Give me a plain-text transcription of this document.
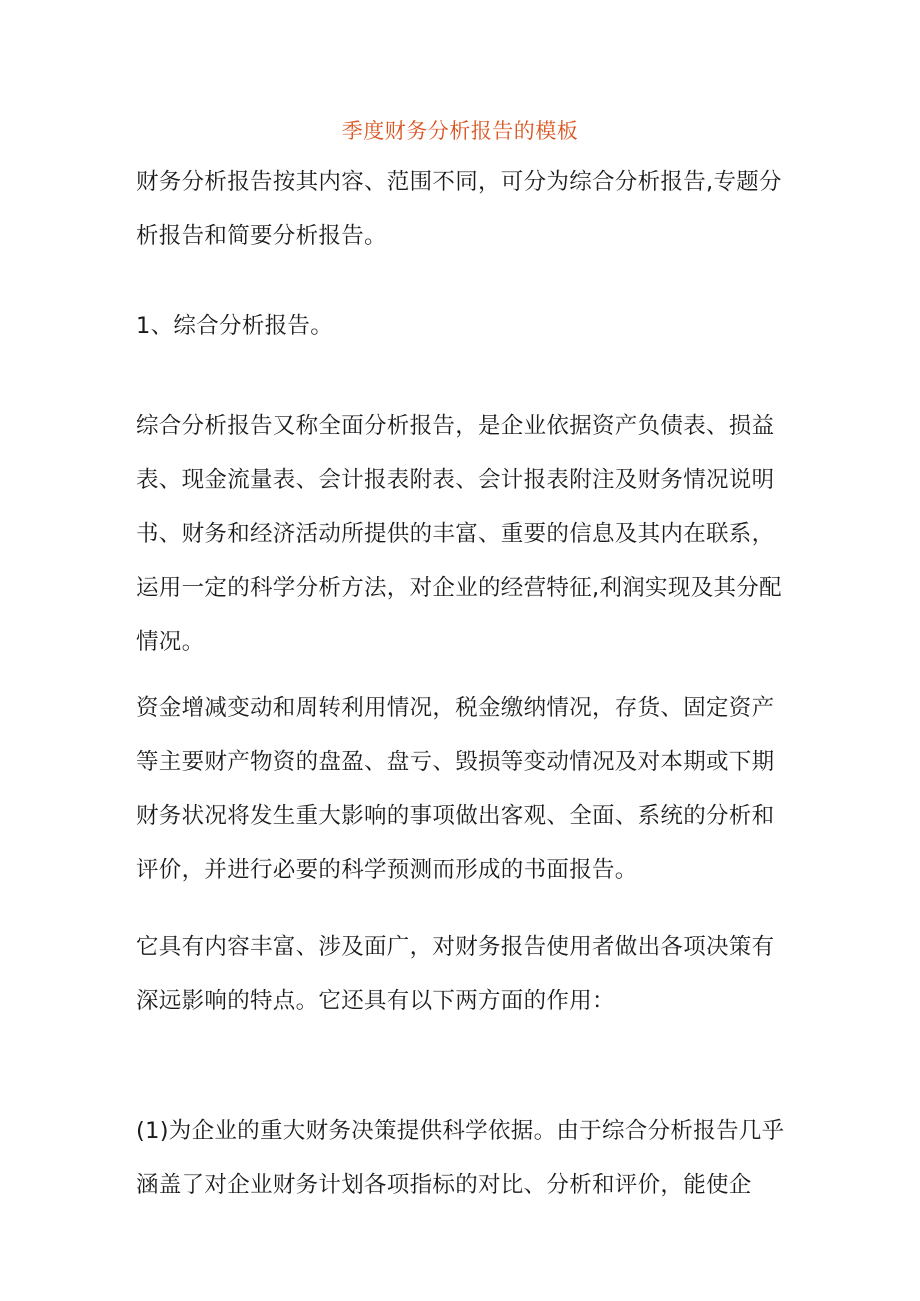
季度财务分析报告的模板

财务分析报告按其内容、范围不同，可分为综合分析报告,专题分析报告和简要分析报告。

1、综合分析报告。

综合分析报告又称全面分析报告，是企业依据资产负债表、损益表、现金流量表、会计报表附表、会计报表附注及财务情况说明书、财务和经济活动所提供的丰富、重要的信息及其内在联系，运用一定的科学分析方法，对企业的经营特征,利润实现及其分配情况。

资金增减变动和周转利用情况，税金缴纳情况，存货、固定资产等主要财产物资的盘盈、盘亏、毁损等变动情况及对本期或下期财务状况将发生重大影响的事项做出客观、全面、系统的分析和评价，并进行必要的科学预测而形成的书面报告。

它具有内容丰富、涉及面广，对财务报告使用者做出各项决策有深远影响的特点。它还具有以下两方面的作用：

(1)为企业的重大财务决策提供科学依据。由于综合分析报告几乎涵盖了对企业财务计划各项指标的对比、分析和评价，能使企
